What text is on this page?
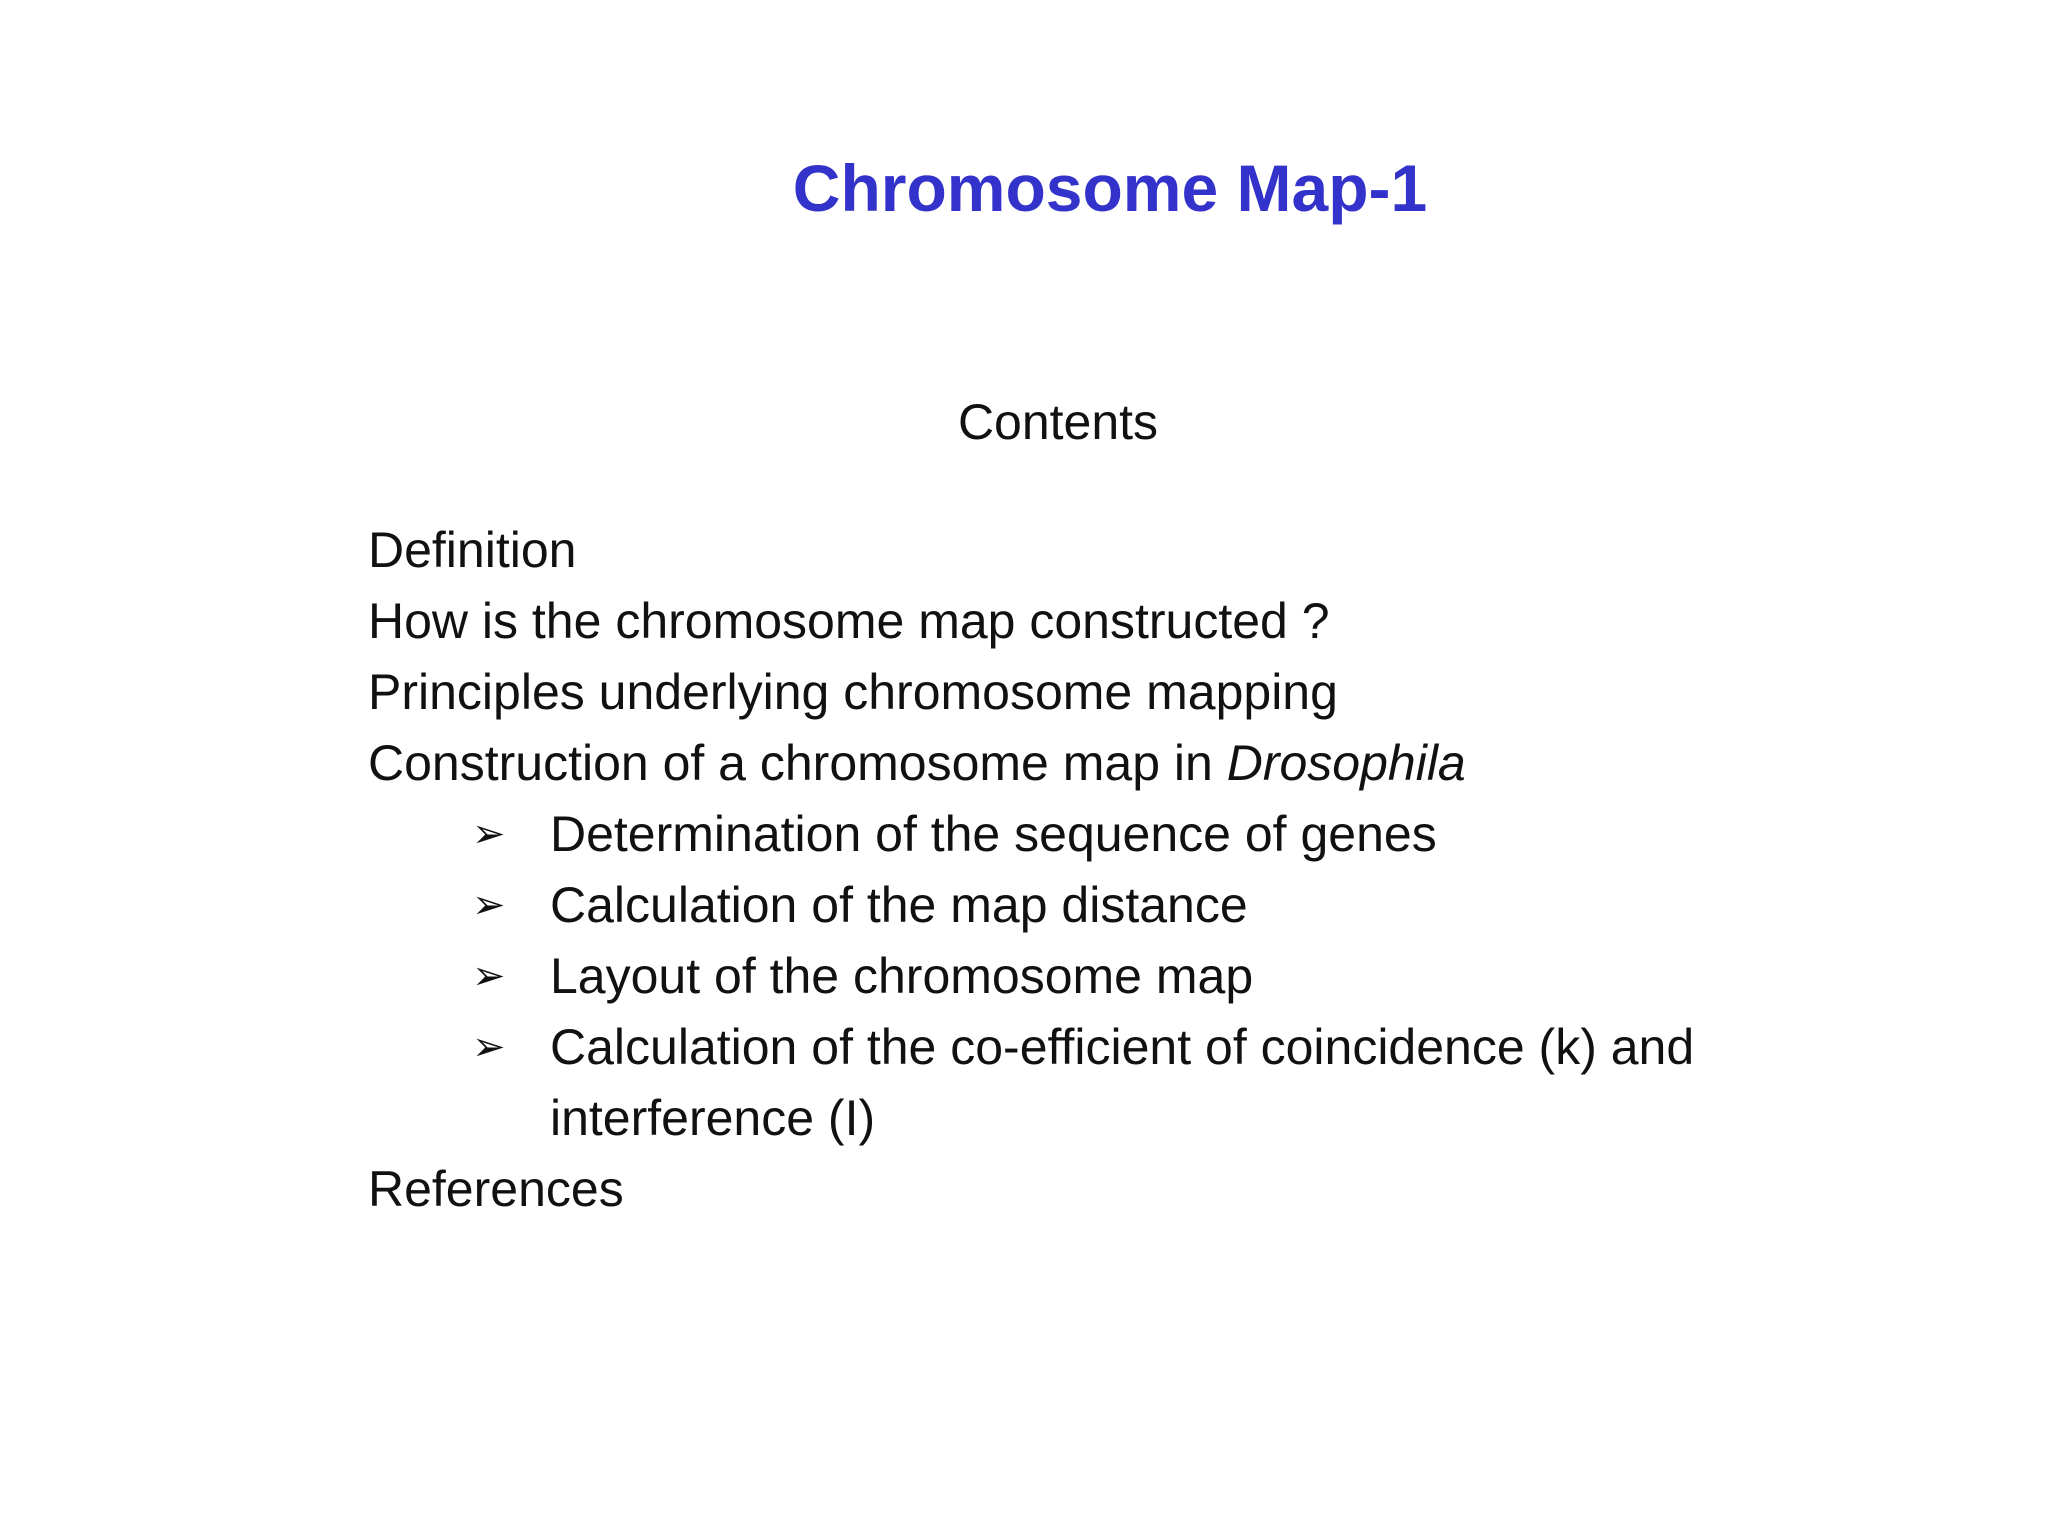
Chromosome Map-1
Contents
Definition
How is the chromosome map constructed ?
Principles underlying chromosome mapping
Construction of a chromosome map in Drosophila
➢ Determination of the sequence of genes
➢ Calculation of the map distance
➢ Layout of the chromosome map
➢ Calculation of the co-efficient of coincidence (k) and
interference (I)
References
